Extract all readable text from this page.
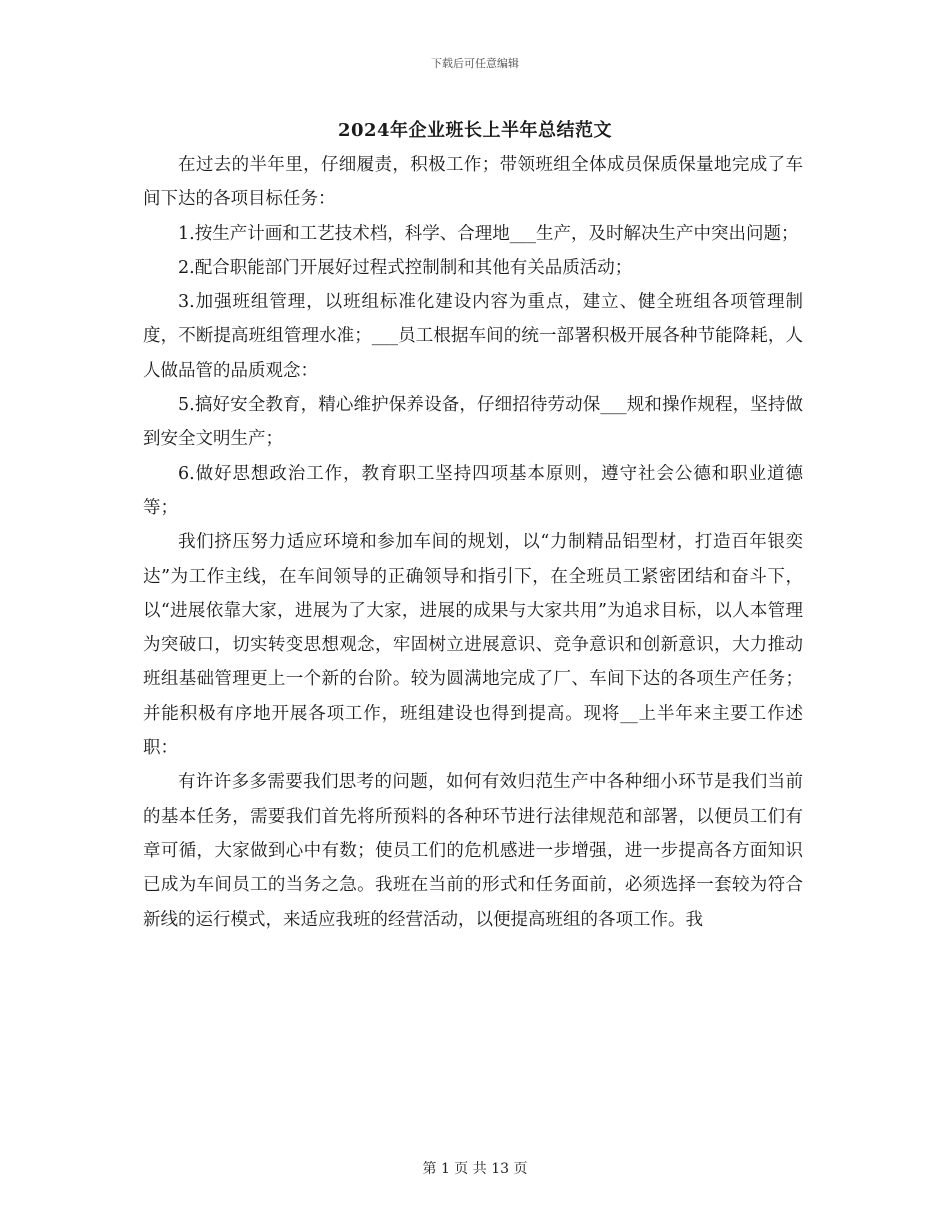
下载后可任意编辑
2024年企业班长上半年总结范文

在过去的半年里，仔细履责，积极工作；带领班组全体成员保质保量地完成了车间下达的各项目标任务：

1.按生产计画和工艺技术档，科学、合理地___生产，及时解决生产中突出问题；

2.配合职能部门开展好过程式控制制和其他有关品质活动；

3.加强班组管理，以班组标准化建设内容为重点，建立、健全班组各项管理制度，不断提高班组管理水准；___员工根据车间的统一部署积极开展各种节能降耗，人人做品管的品质观念：

5.搞好安全教育，精心维护保养设备，仔细招待劳动保___规和操作规程，坚持做到安全文明生产；

6.做好思想政治工作，教育职工坚持四项基本原则，遵守社会公德和职业道德等；

我们挤压努力适应环境和参加车间的规划，以“力制精品铝型材，打造百年银奕达”为工作主线，在车间领导的正确领导和指引下，在全班员工紧密团结和奋斗下，以“进展依靠大家，进展为了大家，进展的成果与大家共用”为追求目标，以人本管理为突破口，切实转变思想观念，牢固树立进展意识、竞争意识和创新意识，大力推动班组基础管理更上一个新的台阶。较为圆满地完成了厂、车间下达的各项生产任务；并能积极有序地开展各项工作，班组建设也得到提高。现将__上半年来主要工作述职：

有许许多多需要我们思考的问题，如何有效归范生产中各种细小环节是我们当前的基本任务，需要我们首先将所预料的各种环节进行法律规范和部署，以便员工们有章可循，大家做到心中有数；使员工们的危机感进一步增强，进一步提高各方面知识已成为车间员工的当务之急。我班在当前的形式和任务面前，必须选择一套较为符合新线的运行模式，来适应我班的经营活动，以便提高班组的各项工作。我

第 1 页 共 13 页
